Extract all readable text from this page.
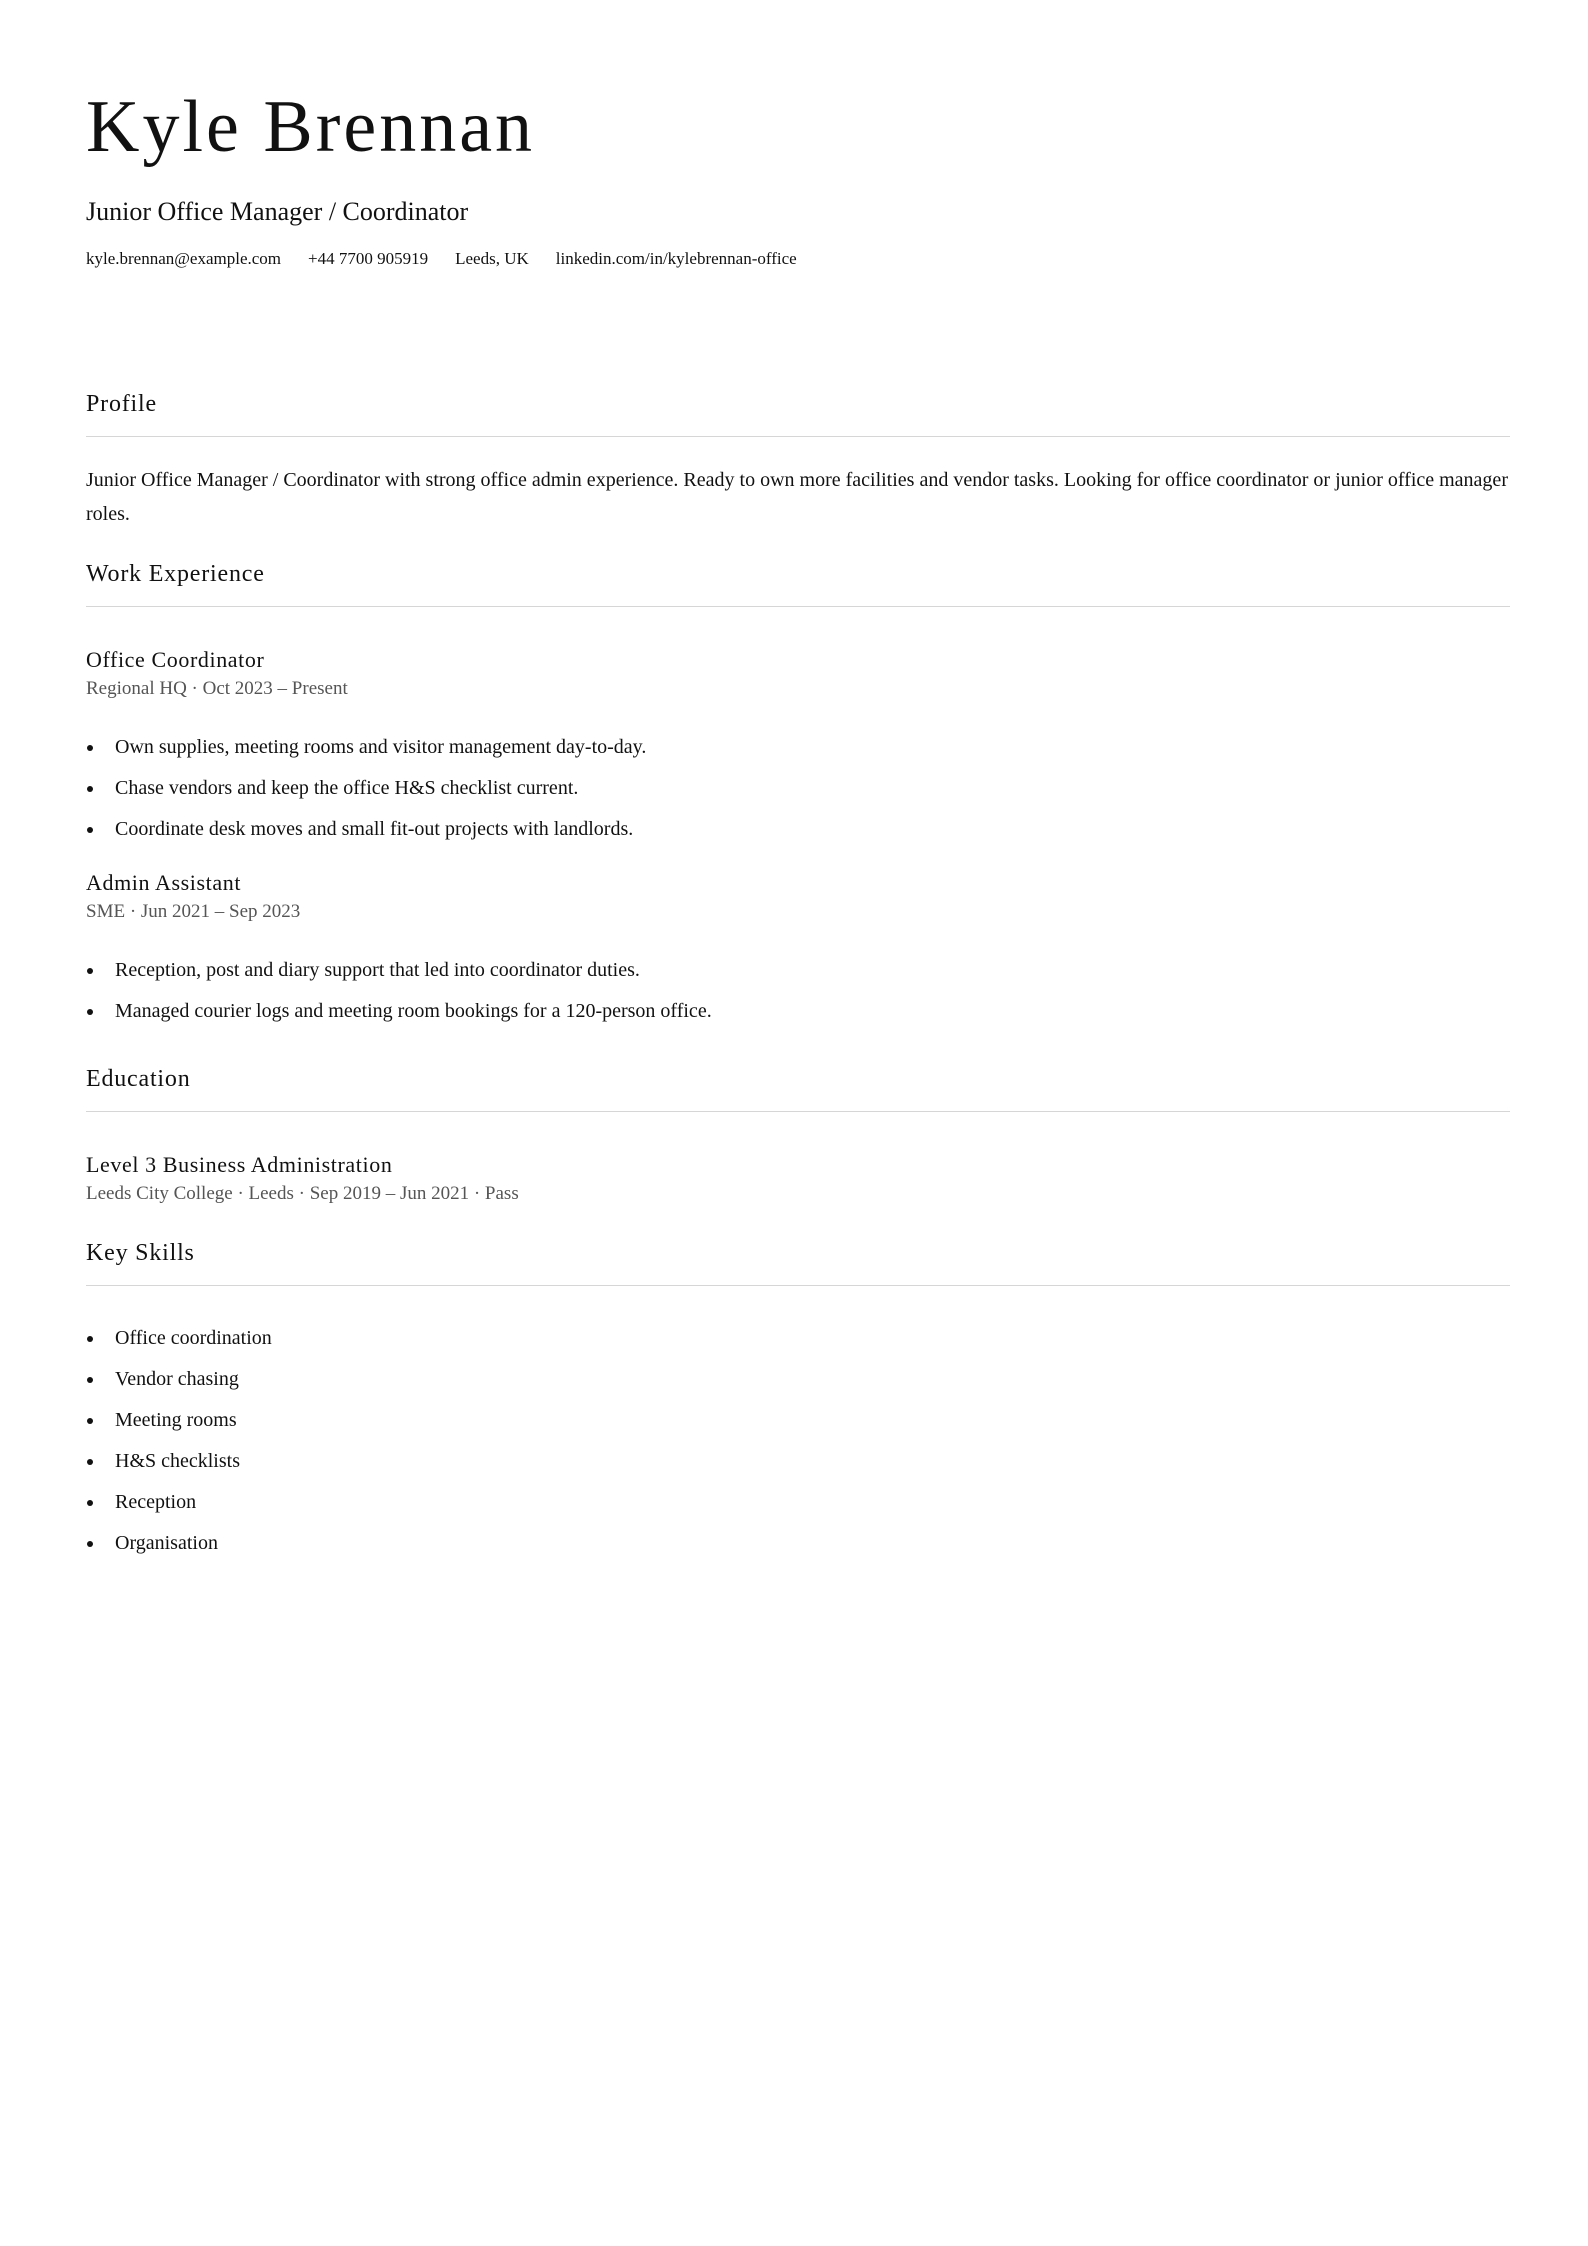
Kyle Brennan
Junior Office Manager / Coordinator
kyle.brennan@example.com +44 7700 905919 Leeds, UK linkedin.com/in/kylebrennan-office
Profile

Junior Office Manager / Coordinator with strong office admin experience. Ready to own more facilities and vendor tasks. Looking for office coordinator or junior office manager roles.

Work Experience
Office Coordinator
Regional HQ · Oct 2023 – Present
Own supplies, meeting rooms and visitor management day-to-day.
Chase vendors and keep the office H&S checklist current.
Coordinate desk moves and small fit-out projects with landlords.
Admin Assistant
SME · Jun 2021 – Sep 2023
Reception, post and diary support that led into coordinator duties.
Managed courier logs and meeting room bookings for a 120-person office.
Education
Level 3 Business Administration
Leeds City College · Leeds · Sep 2019 – Jun 2021 · Pass
Key Skills
Office coordination
Vendor chasing
Meeting rooms
H&S checklists
Reception
Organisation
